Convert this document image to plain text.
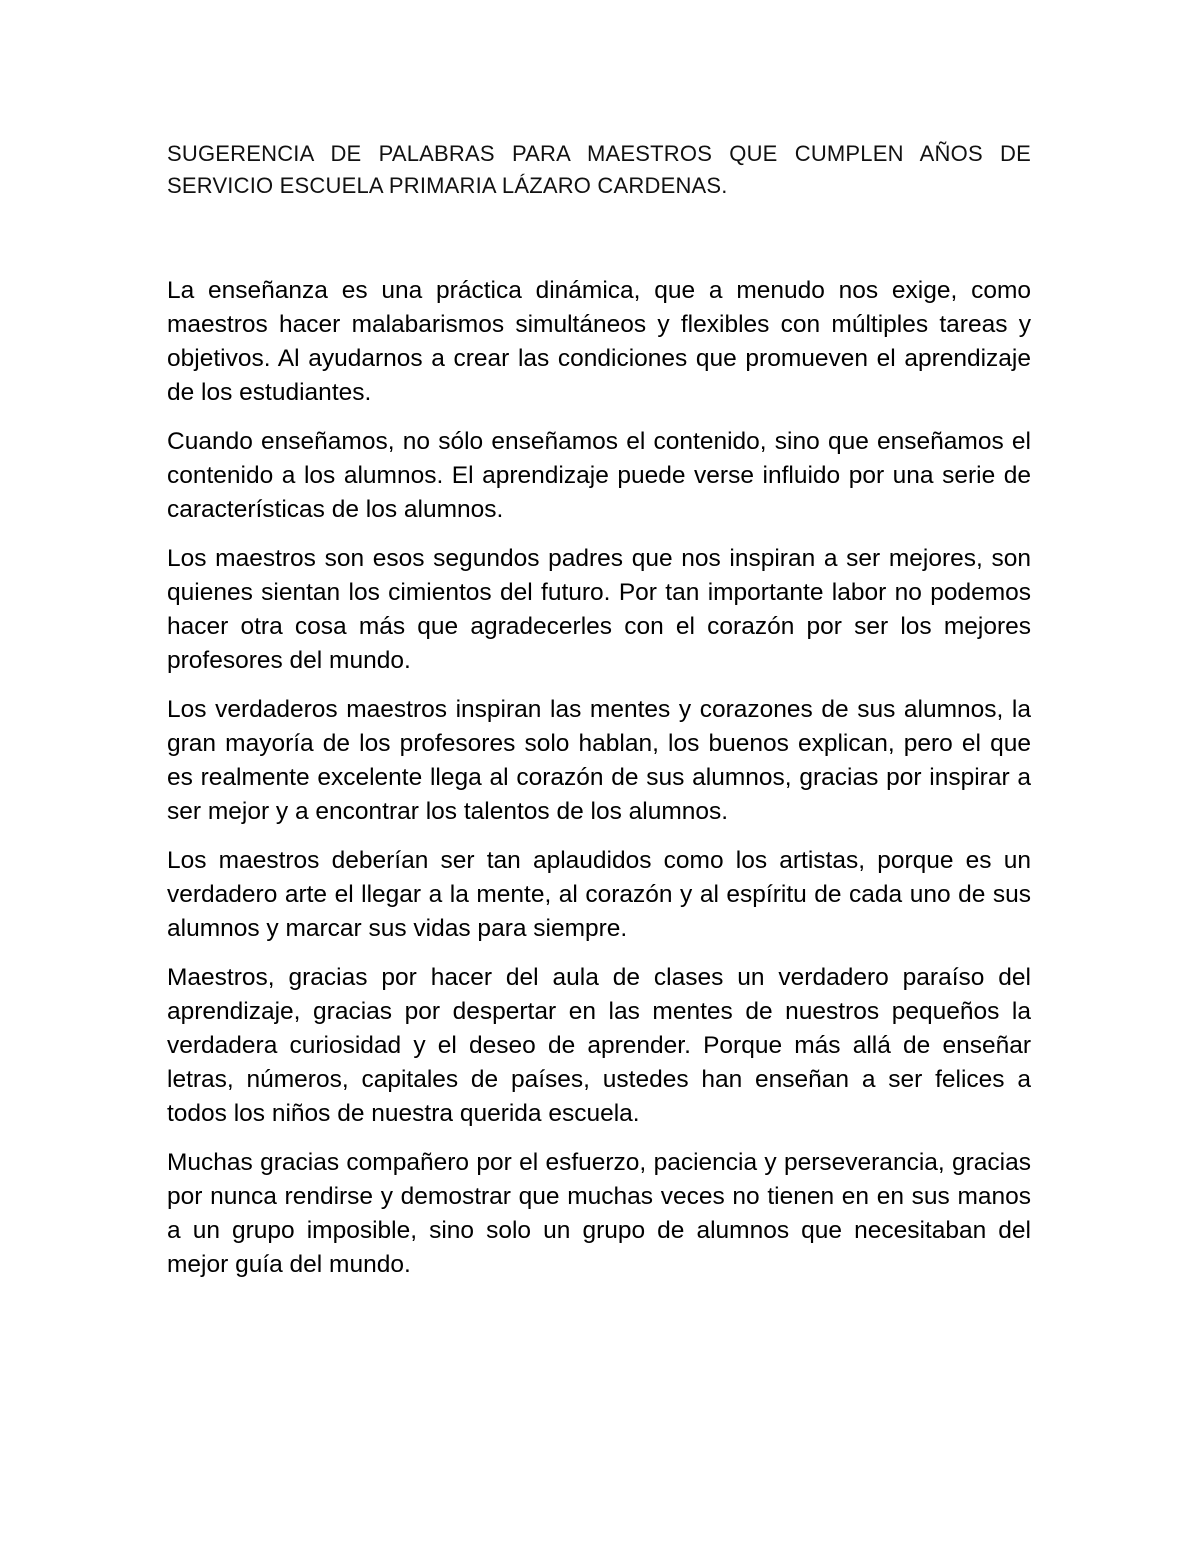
SUGERENCIA DE PALABRAS PARA MAESTROS QUE CUMPLEN AÑOS DE SERVICIO ESCUELA PRIMARIA LÁZARO CARDENAS.

La enseñanza es una práctica dinámica, que a menudo nos exige, como maestros hacer malabarismos simultáneos y flexibles con múltiples tareas y objetivos. Al ayudarnos a crear las condiciones que promueven el aprendizaje de los estudiantes.

Cuando enseñamos, no sólo enseñamos el contenido, sino que enseñamos el contenido a los alumnos. El aprendizaje puede verse influido por una serie de características de los alumnos.

Los maestros son esos segundos padres que nos inspiran a ser mejores, son quienes sientan los cimientos del futuro. Por tan importante labor no podemos hacer otra cosa más que agradecerles con el corazón por ser los mejores profesores del mundo.

Los verdaderos maestros inspiran las mentes y corazones de sus alumnos, la gran mayoría de los profesores solo hablan, los buenos explican, pero el que es realmente excelente llega al corazón de sus alumnos, gracias por inspirar a ser mejor y a encontrar los talentos de los alumnos.

Los maestros deberían ser tan aplaudidos como los artistas, porque es un verdadero arte el llegar a la mente, al corazón y al espíritu de cada uno de sus alumnos y marcar sus vidas para siempre.

Maestros, gracias por hacer del aula de clases un verdadero paraíso del aprendizaje, gracias por despertar en las mentes de nuestros pequeños la verdadera curiosidad y el deseo de aprender. Porque más allá de enseñar letras, números, capitales de países, ustedes han enseñan a ser felices a todos los niños de nuestra querida escuela.

Muchas gracias compañero por el esfuerzo, paciencia y perseverancia, gracias por nunca rendirse y demostrar que muchas veces no tienen en en sus manos a un grupo imposible, sino solo un grupo de alumnos que necesitaban del mejor guía del mundo.
